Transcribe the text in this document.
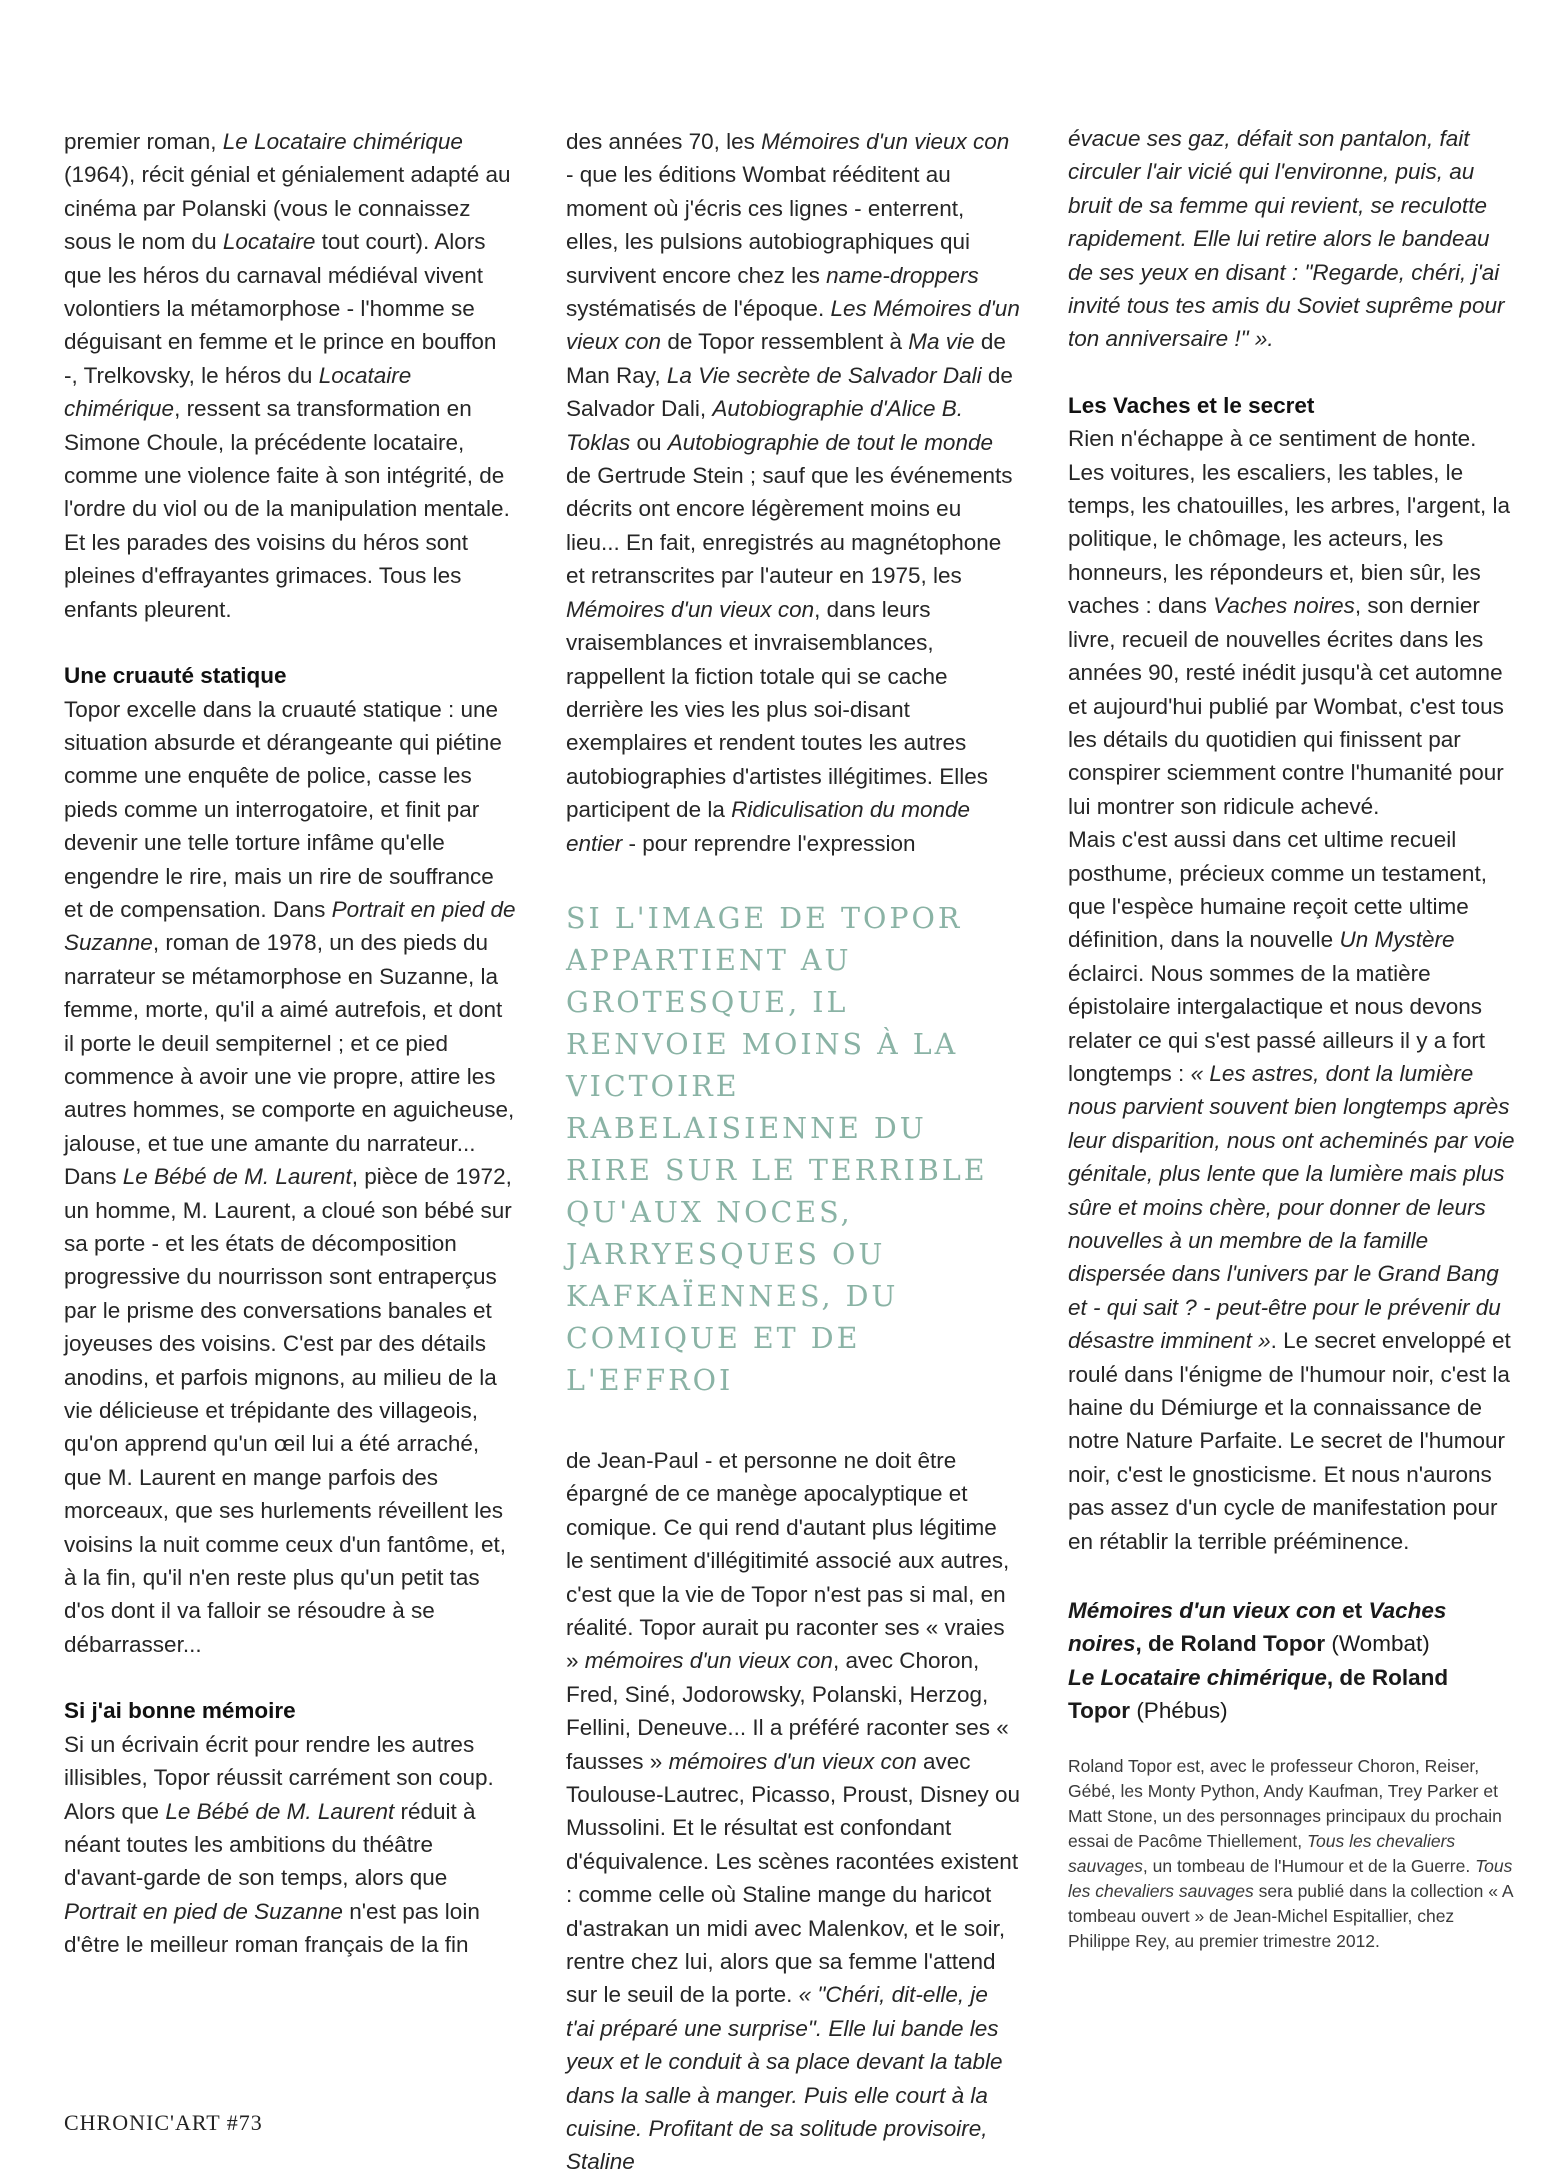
premier roman, Le Locataire chimérique (1964), récit génial et génialement adapté au cinéma par Polanski (vous le connaissez sous le nom du Locataire tout court). Alors que les héros du carnaval médiéval vivent volontiers la métamorphose - l'homme se déguisant en femme et le prince en bouffon -, Trelkovsky, le héros du Locataire chimérique, ressent sa transformation en Simone Choule, la précédente locataire, comme une violence faite à son intégrité, de l'ordre du viol ou de la manipulation mentale. Et les parades des voisins du héros sont pleines d'effrayantes grimaces. Tous les enfants pleurent.

Une cruauté statique

Topor excelle dans la cruauté statique : une situation absurde et dérangeante qui piétine comme une enquête de police, casse les pieds comme un interrogatoire, et finit par devenir une telle torture infâme qu'elle engendre le rire, mais un rire de souffrance et de compensation. Dans Portrait en pied de Suzanne, roman de 1978, un des pieds du narrateur se métamorphose en Suzanne, la femme, morte, qu'il a aimé autrefois, et dont il porte le deuil sempiternel ; et ce pied commence à avoir une vie propre, attire les autres hommes, se comporte en aguicheuse, jalouse, et tue une amante du narrateur... Dans Le Bébé de M. Laurent, pièce de 1972, un homme, M. Laurent, a cloué son bébé sur sa porte - et les états de décomposition progressive du nourrisson sont entraperçus par le prisme des conversations banales et joyeuses des voisins. C'est par des détails anodins, et parfois mignons, au milieu de la vie délicieuse et trépidante des villageois, qu'on apprend qu'un œil lui a été arraché, que M. Laurent en mange parfois des morceaux, que ses hurlements réveillent les voisins la nuit comme ceux d'un fantôme, et, à la fin, qu'il n'en reste plus qu'un petit tas d'os dont il va falloir se résoudre à se débarrasser...

Si j'ai bonne mémoire

Si un écrivain écrit pour rendre les autres illisibles, Topor réussit carrément son coup. Alors que Le Bébé de M. Laurent réduit à néant toutes les ambitions du théâtre d'avant-garde de son temps, alors que Portrait en pied de Suzanne n'est pas loin d'être le meilleur roman français de la fin

des années 70, les Mémoires d'un vieux con - que les éditions Wombat rééditent au moment où j'écris ces lignes - enterrent, elles, les pulsions autobiographiques qui survivent encore chez les name-droppers systématisés de l'époque. Les Mémoires d'un vieux con de Topor ressemblent à Ma vie de Man Ray, La Vie secrète de Salvador Dali de Salvador Dali, Autobiographie d'Alice B. Toklas ou Autobiographie de tout le monde de Gertrude Stein ; sauf que les événements décrits ont encore légèrement moins eu lieu... En fait, enregistrés au magnétophone et retranscrites par l'auteur en 1975, les Mémoires d'un vieux con, dans leurs vraisemblances et invraisemblances, rappellent la fiction totale qui se cache derrière les vies les plus soi-disant exemplaires et rendent toutes les autres autobiographies d'artistes illégitimes. Elles participent de la Ridiculisation du monde entier - pour reprendre l'expression

SI L'IMAGE DE TOPOR APPARTIENT AU GROTESQUE, IL RENVOIE MOINS À LA VICTOIRE RABELAISIENNE DU RIRE SUR LE TERRIBLE QU'AUX NOCES, JARRYESQUES OU KAFKAÏENNES, DU COMIQUE ET DE L'EFFROI

de Jean-Paul - et personne ne doit être épargné de ce manège apocalyptique et comique. Ce qui rend d'autant plus légitime le sentiment d'illégitimité associé aux autres, c'est que la vie de Topor n'est pas si mal, en réalité. Topor aurait pu raconter ses « vraies » mémoires d'un vieux con, avec Choron, Fred, Siné, Jodorowsky, Polanski, Herzog, Fellini, Deneuve... Il a préféré raconter ses « fausses » mémoires d'un vieux con avec Toulouse-Lautrec, Picasso, Proust, Disney ou Mussolini. Et le résultat est confondant d'équivalence. Les scènes racontées existent : comme celle où Staline mange du haricot d'astrakan un midi avec Malenkov, et le soir, rentre chez lui, alors que sa femme l'attend sur le seuil de la porte. « "Chéri, dit-elle, je t'ai préparé une surprise". Elle lui bande les yeux et le conduit à sa place devant la table dans la salle à manger. Puis elle court à la cuisine. Profitant de sa solitude provisoire, Staline

évacue ses gaz, défait son pantalon, fait circuler l'air vicié qui l'environne, puis, au bruit de sa femme qui revient, se reculotte rapidement. Elle lui retire alors le bandeau de ses yeux en disant : "Regarde, chéri, j'ai invité tous tes amis du Soviet suprême pour ton anniversaire !" ».

Les Vaches et le secret

Rien n'échappe à ce sentiment de honte. Les voitures, les escaliers, les tables, le temps, les chatouilles, les arbres, l'argent, la politique, le chômage, les acteurs, les honneurs, les répondeurs et, bien sûr, les vaches : dans Vaches noires, son dernier livre, recueil de nouvelles écrites dans les années 90, resté inédit jusqu'à cet automne et aujourd'hui publié par Wombat, c'est tous les détails du quotidien qui finissent par conspirer sciemment contre l'humanité pour lui montrer son ridicule achevé.

Mais c'est aussi dans cet ultime recueil posthume, précieux comme un testament, que l'espèce humaine reçoit cette ultime définition, dans la nouvelle Un Mystère éclairci. Nous sommes de la matière épistolaire intergalactique et nous devons relater ce qui s'est passé ailleurs il y a fort longtemps : « Les astres, dont la lumière nous parvient souvent bien longtemps après leur disparition, nous ont acheminés par voie génitale, plus lente que la lumière mais plus sûre et moins chère, pour donner de leurs nouvelles à un membre de la famille dispersée dans l'univers par le Grand Bang et - qui sait ? - peut-être pour le prévenir du désastre imminent ». Le secret enveloppé et roulé dans l'énigme de l'humour noir, c'est la haine du Démiurge et la connaissance de notre Nature Parfaite. Le secret de l'humour noir, c'est le gnosticisme. Et nous n'aurons pas assez d'un cycle de manifestation pour en rétablir la terrible prééminence.

Mémoires d'un vieux con et Vaches noires, de Roland Topor (Wombat)
Le Locataire chimérique, de Roland Topor (Phébus)

Roland Topor est, avec le professeur Choron, Reiser, Gébé, les Monty Python, Andy Kaufman, Trey Parker et Matt Stone, un des personnages principaux du prochain essai de Pacôme Thiellement, Tous les chevaliers sauvages, un tombeau de l'Humour et de la Guerre. Tous les chevaliers sauvages sera publié dans la collection « A tombeau ouvert » de Jean-Michel Espitallier, chez Philippe Rey, au premier trimestre 2012.

CHRONIC'ART #73
